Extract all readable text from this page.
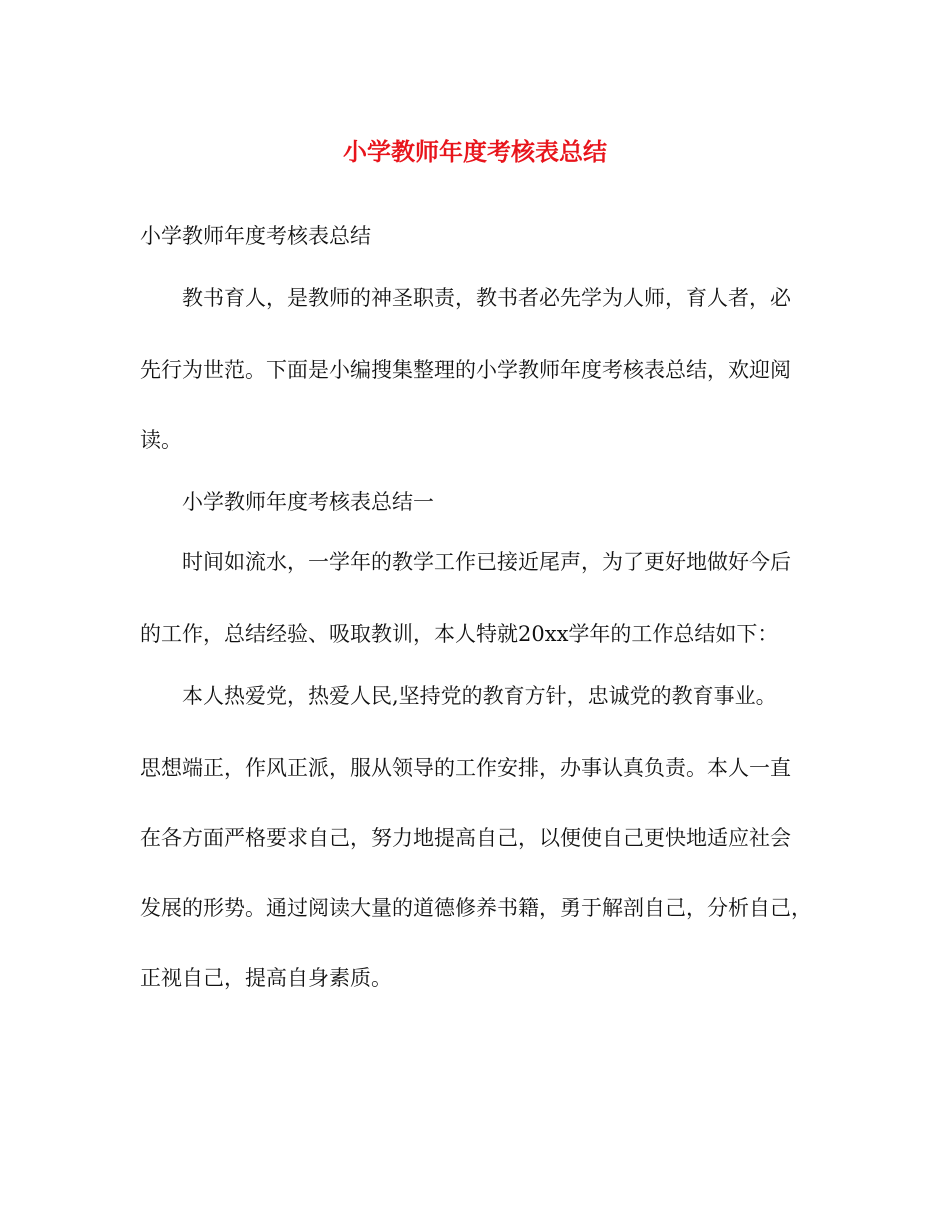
小学教师年度考核表总结

小学教师年度考核表总结

教书育人，是教师的神圣职责，教书者必先学为人师，育人者，必

先行为世范。下面是小编搜集整理的小学教师年度考核表总结，欢迎阅

读。

小学教师年度考核表总结一

时间如流水，一学年的教学工作已接近尾声，为了更好地做好今后

的工作，总结经验、吸取教训，本人特就20xx学年的工作总结如下：

本人热爱党，热爱人民,坚持党的教育方针，忠诚党的教育事业。

思想端正，作风正派，服从领导的工作安排，办事认真负责。本人一直

在各方面严格要求自己，努力地提高自己，以便使自己更快地适应社会

发展的形势。通过阅读大量的道德修养书籍，勇于解剖自己，分析自己，

正视自己，提高自身素质。
